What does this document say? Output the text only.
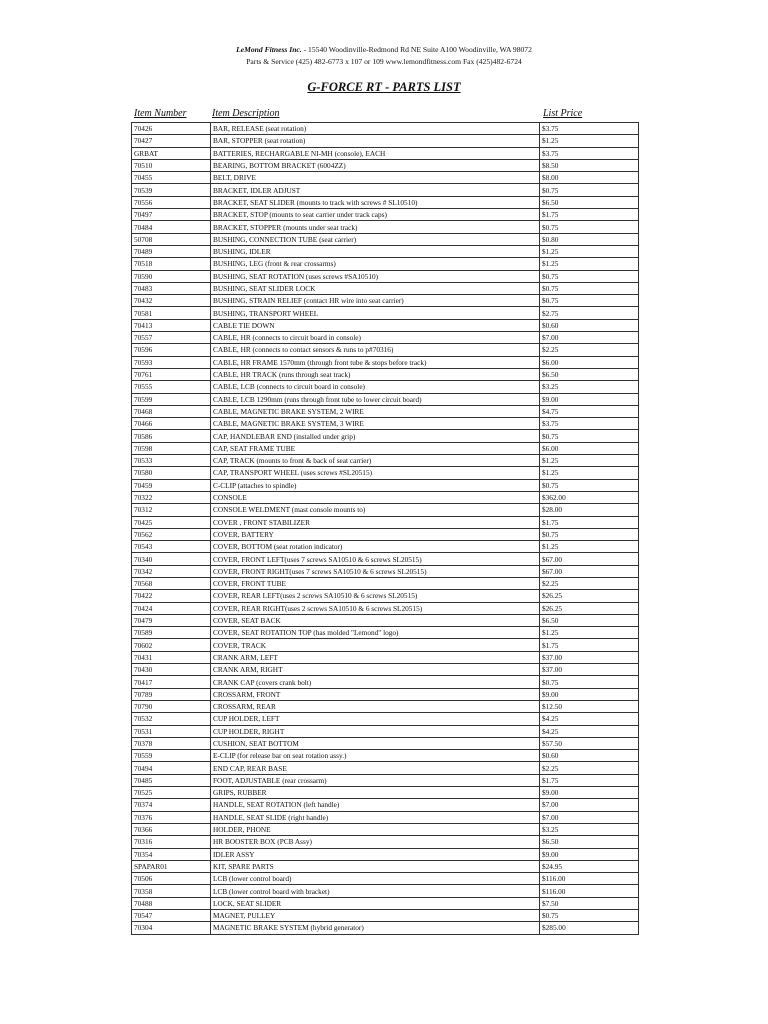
LeMond Fitness Inc. - 15540 Woodinville-Redmond Rd NE Suite A100 Woodinville, WA 98072
Parts & Service (425) 482-6773 x 107 or 109 www.lemondfitness.com Fax (425)482-6724
G-FORCE RT - PARTS LIST
Item Number	Item Description	List Price
70426	BAR, RELEASE (seat rotation)	$3.75
70427	BAR, STOPPER (seat rotation)	$1.25
GRBAT	BATTERIES, RECHARGABLE NI-MH (console), EACH	$3.75
70510	BEARING, BOTTOM BRACKET (6004ZZ)	$8.50
70455	BELT, DRIVE	$8.00
70539	BRACKET, IDLER ADJUST	$0.75
70556	BRACKET, SEAT SLIDER (mounts to track with screws # SL10510)	$6.50
70497	BRACKET, STOP (mounts to seat carrier under track caps)	$1.75
70484	BRACKET, STOPPER (mounts under seat track)	$0.75
50708	BUSHING, CONNECTION TUBE (seat carrier)	$0.80
70489	BUSHING, IDLER	$1.25
70518	BUSHING, LEG (front & rear crossarms)	$1.25
70590	BUSHING, SEAT ROTATION (uses screws #SA10510)	$0.75
70483	BUSHING, SEAT SLIDER LOCK	$0.75
70432	BUSHING, STRAIN RELIEF (contact HR wire into seat carrier)	$0.75
70581	BUSHING, TRANSPORT WHEEL	$2.75
70413	CABLE TIE DOWN	$0.60
70557	CABLE, HR (connects to circuit board in console)	$7.00
70596	CABLE, HR (connects to contact sensors & runs to p#70316)	$2.25
70593	CABLE, HR FRAME 1570mm (through front tube & stops before track)	$6.00
70761	CABLE, HR TRACK (runs through seat track)	$6.50
70555	CABLE, LCB (connects to circuit board in console)	$3.25
70599	CABLE, LCB 1290mm (runs through front tube to lower circuit board)	$9.00
70468	CABLE, MAGNETIC BRAKE SYSTEM, 2 WIRE	$4.75
70466	CABLE, MAGNETIC BRAKE SYSTEM, 3 WIRE	$3.75
70586	CAP, HANDLEBAR END (installed under grip)	$0.75
70598	CAP, SEAT FRAME TUBE	$6.00
70533	CAP, TRACK (mounts to front & back of seat carrier)	$1.25
70580	CAP, TRANSPORT WHEEL (uses screws #SL20515)	$1.25
70459	C-CLIP (attaches to spindle)	$0.75
70322	CONSOLE	$362.00
70312	CONSOLE WELDMENT (mast console mounts to)	$28.00
70425	COVER , FRONT STABILIZER	$1.75
70562	COVER, BATTERY	$0.75
70543	COVER, BOTTOM (seat rotation indicator)	$1.25
70340	COVER, FRONT LEFT(uses 7 screws SA10510 & 6 screws SL20515)	$67.00
70342	COVER, FRONT RIGHT(uses 7 screws SA10510 & 6 screws SL20515)	$67.00
70568	COVER, FRONT TUBE	$2.25
70422	COVER, REAR LEFT(uses 2 screws SA10510 & 6 screws SL20515)	$26.25
70424	COVER, REAR RIGHT(uses 2 screws SA10510 & 6 screws SL20515)	$26.25
70479	COVER, SEAT BACK	$6.50
70589	COVER, SEAT ROTATION TOP (has molded "Lemond" logo)	$1.25
70602	COVER, TRACK	$1.75
70431	CRANK ARM, LEFT	$37.00
70430	CRANK ARM, RIGHT	$37.00
70417	CRANK CAP (covers crank bolt)	$0.75
70789	CROSSARM, FRONT	$9.00
70790	CROSSARM, REAR	$12.50
70532	CUP HOLDER, LEFT	$4.25
70531	CUP HOLDER, RIGHT	$4.25
70378	CUSHION, SEAT BOTTOM	$57.50
70559	E-CLIP (for release bar on seat rotation assy.)	$0.60
70494	END CAP, REAR BASE	$2.25
70485	FOOT, ADJUSTABLE (rear crossarm)	$1.75
70525	GRIPS, RUBBER	$9.00
70374	HANDLE, SEAT ROTATION (left handle)	$7.00
70376	HANDLE, SEAT SLIDE (right handle)	$7.00
70366	HOLDER, PHONE	$3.25
70316	HR BOOSTER BOX (PCB Assy)	$6.50
70354	IDLER ASSY	$9.00
SPAPAR01	KIT, SPARE PARTS	$24.95
70506	LCB (lower control board)	$116.00
70358	LCB (lower control board with bracket)	$116.00
70488	LOCK, SEAT SLIDER	$7.50
70547	MAGNET, PULLEY	$0.75
70304	MAGNETIC BRAKE SYSTEM (hybrid generator)	$285.00
